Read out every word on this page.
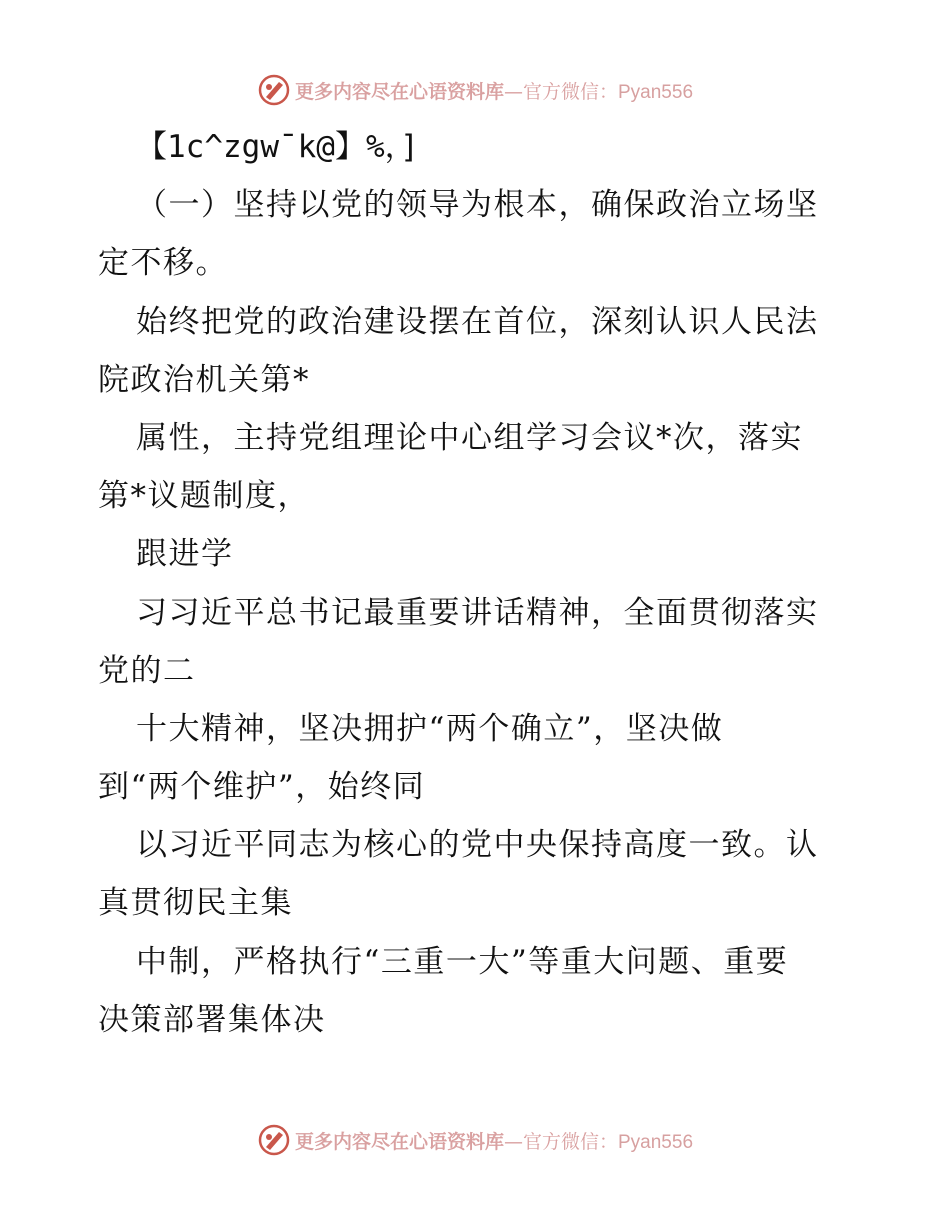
更多内容尽在心语资料库—官方微信：Pyan556
【1c^zgw¯k@】%，]
（一）坚持以党的领导为根本，确保政治立场坚
定不移。
始终把党的政治建设摆在首位，深刻认识人民法
院政治机关第*
属性，主持党组理论中心组学习会议*次，落实
第*议题制度，
跟进学
习习近平总书记最重要讲话精神，全面贯彻落实
党的二
十大精神，坚决拥护“两个确立”，坚决做
到“两个维护”，始终同
以习近平同志为核心的党中央保持高度一致。认
真贯彻民主集
中制，严格执行“三重一大”等重大问题、重要
决策部署集体决
更多内容尽在心语资料库—官方微信：Pyan556
